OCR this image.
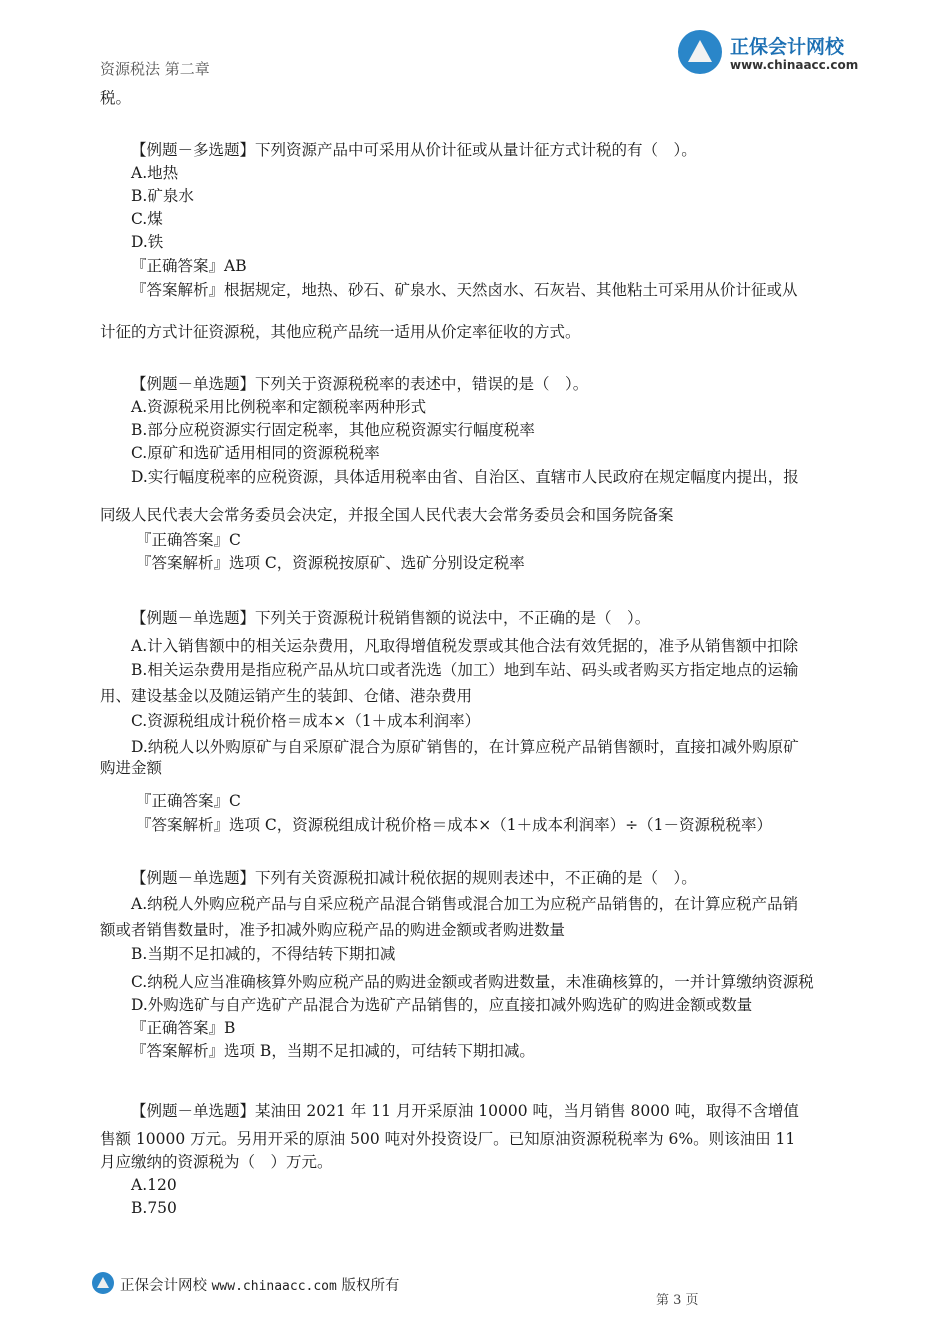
正保会计网校
www.chinaacc.com
资源税法 第二章
税。
【例题－多选题】下列资源产品中可采用从价计征或从量计征方式计税的有（　）。
A.地热
B.矿泉水
C.煤
D.铁
『正确答案』AB
『答案解析』根据规定，地热、砂石、矿泉水、天然卤水、石灰岩、其他粘土可采用从价计征或从
计征的方式计征资源税，其他应税产品统一适用从价定率征收的方式。
【例题－单选题】下列关于资源税税率的表述中，错误的是（　）。
A.资源税采用比例税率和定额税率两种形式
B.部分应税资源实行固定税率，其他应税资源实行幅度税率
C.原矿和选矿适用相同的资源税税率
D.实行幅度税率的应税资源，具体适用税率由省、自治区、直辖市人民政府在规定幅度内提出，报
同级人民代表大会常务委员会决定，并报全国人民代表大会常务委员会和国务院备案
『正确答案』C
『答案解析』选项 C，资源税按原矿、选矿分别设定税率
【例题－单选题】下列关于资源税计税销售额的说法中，不正确的是（　）。
A.计入销售额中的相关运杂费用，凡取得增值税发票或其他合法有效凭据的，准予从销售额中扣除
B.相关运杂费用是指应税产品从坑口或者洗选（加工）地到车站、码头或者购买方指定地点的运输
用、建设基金以及随运销产生的装卸、仓储、港杂费用
C.资源税组成计税价格＝成本×（1＋成本利润率）
D.纳税人以外购原矿与自采原矿混合为原矿销售的，在计算应税产品销售额时，直接扣减外购原矿
购进金额
『正确答案』C
『答案解析』选项 C，资源税组成计税价格＝成本×（1＋成本利润率）÷（1－资源税税率）
【例题－单选题】下列有关资源税扣减计税依据的规则表述中，不正确的是（　）。
A.纳税人外购应税产品与自采应税产品混合销售或混合加工为应税产品销售的，在计算应税产品销
额或者销售数量时，准予扣减外购应税产品的购进金额或者购进数量
B.当期不足扣减的，不得结转下期扣减
C.纳税人应当准确核算外购应税产品的购进金额或者购进数量，未准确核算的，一并计算缴纳资源税
D.外购选矿与自产选矿产品混合为选矿产品销售的，应直接扣减外购选矿的购进金额或数量
『正确答案』B
『答案解析』选项 B，当期不足扣减的，可结转下期扣减。
【例题－单选题】某油田 2021 年 11 月开采原油 10000 吨，当月销售 8000 吨，取得不含增值
售额 10000 万元。另用开采的原油 500 吨对外投资设厂。已知原油资源税税率为 6%。则该油田 11
月应缴纳的资源税为（　）万元。
A.120
B.750
正保会计网校 www.chinaacc.com 版权所有
第 3 页
